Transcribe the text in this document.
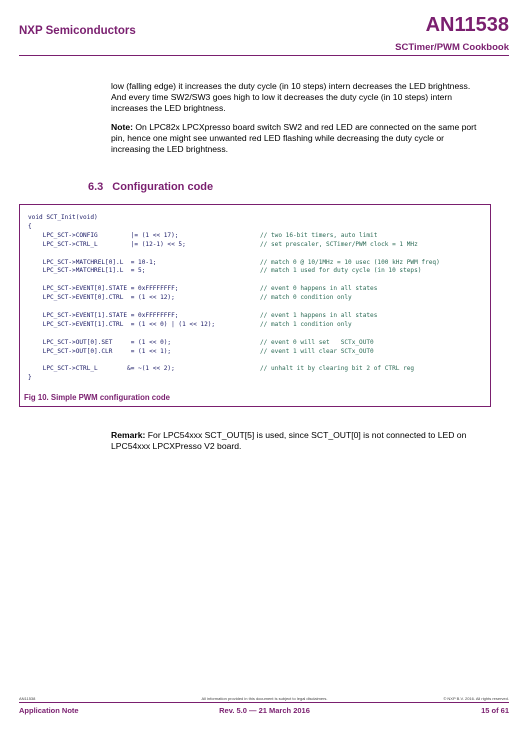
NXP Semiconductors	AN11538
SCTimer/PWM Cookbook
low (falling edge) it increases the duty cycle (in 10 steps) intern decreases the LED brightness. And every time SW2/SW3 goes high to low it decreases the duty cycle (in 10 steps) intern increases the LED brightness.
Note: On LPC82x LPCXpresso board switch SW2 and red LED are connected on the same port pin, hence one might see unwanted red LED flashing while decreasing the duty cycle or increasing the LED brightness.
6.3 Configuration code
void SCT_Init(void)
{
LPC_SCT->CONFIG         |= (1 << 17);	// two 16-bit timers, auto limit
LPC_SCT->CTRL_L         |= (12-1) << 5;	// set prescaler, SCTimer/PWM clock = 1 MHz
LPC_SCT->MATCHREL[0].L  = 10-1;	// match 0 @ 10/1MHz = 10 usec (100 kHz PWM freq)
LPC_SCT->MATCHREL[1].L  = 5;	// match 1 used for duty cycle (in 10 steps)
LPC_SCT->EVENT[0].STATE = 0xFFFFFFFF;	// event 0 happens in all states
LPC_SCT->EVENT[0].CTRL  = (1 << 12);	// match 0 condition only
LPC_SCT->EVENT[1].STATE = 0xFFFFFFFF;	// event 1 happens in all states
LPC_SCT->EVENT[1].CTRL  = (1 << 0) | (1 << 12);	// match 1 condition only
LPC_SCT->OUT[0].SET     = (1 << 0);	// event 0 will set   SCTx_OUT0
LPC_SCT->OUT[0].CLR     = (1 << 1);	// event 1 will clear SCTx_OUT0
LPC_SCT->CTRL_L        &= ~(1 << 2);	// unhalt it by clearing bit 2 of CTRL reg
}
Fig 10. Simple PWM configuration code
Remark: For LPC54xxx SCT_OUT[5] is used, since SCT_OUT[0] is not connected to LED on LPC54xxx LPCXPresso V2 board.
AN11538	All information provided in this document is subject to legal disclaimers.	© NXP B.V. 2016. All rights reserved.
Application Note	Rev. 5.0 — 21 March 2016	15 of 61
